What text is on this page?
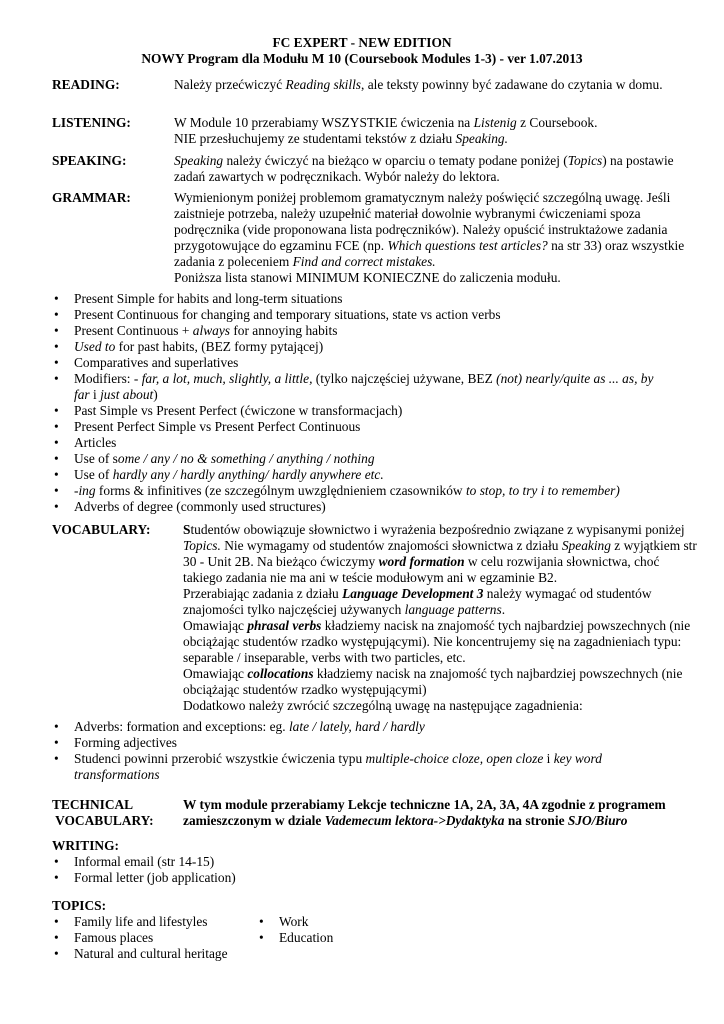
FC EXPERT - NEW EDITION
NOWY Program dla Modułu M 10 (Coursebook Modules 1-3) - ver 1.07.2013
READING:	Należy przećwiczyć Reading skills, ale teksty powinny być zadawane do czytania w domu.
LISTENING:	W Module 10 przerabiamy WSZYSTKIE ćwiczenia na Listenig z Coursebook.
NIE przesłuchujemy ze studentami tekstów z działu Speaking.
SPEAKING:	Speaking należy ćwiczyć na bieżąco w oparciu o tematy podane poniżej (Topics) na postawie zadań zawartych w podręcznikach. Wybór należy do lektora.
GRAMMAR:	Wymienionym poniżej problemom gramatycznym należy poświęcić szczególną uwagę. Jeśli zaistnieje potrzeba, należy uzupełnić materiał dowolnie wybranymi ćwiczeniami spoza podręcznika (vide proponowana lista podręczników). Należy opuścić instruktażowe zadania przygotowujące do egzaminu FCE (np. Which questions test articles? na str 33) oraz wszystkie zadania z poleceniem Find and correct mistakes.
Poniższa lista stanowi MINIMUM KONIECZNE do zaliczenia modułu.
• Present Simple for habits and long-term situations
• Present Continuous for changing and temporary situations, state vs action verbs
• Present Continuous + always for annoying habits
• Used to for past habits, (BEZ formy pytającej)
• Comparatives and superlatives
• Modifiers: - far, a lot, much, slightly, a little, (tylko najczęściej używane, BEZ (not) nearly/quite as ... as, by far i just about)
• Past Simple vs Present Perfect (ćwiczone w transformacjach)
• Present Perfect Simple vs Present Perfect Continuous
• Articles
• Use of some / any / no & something / anything / nothing
• Use of hardly any / hardly anything/ hardly anywhere etc.
• -ing forms & infinitives (ze szczególnym uwzględnieniem czasowników to stop, to try i to remember)
• Adverbs of degree (commonly used structures)
VOCABULARY: Studentów obowiązuje słownictwo i wyrażenia bezpośrednio związane z wypisanymi poniżej Topics. Nie wymagamy od studentów znajomości słownictwa z działu Speaking z wyjątkiem str 30 - Unit 2B. Na bieżąco ćwiczymy word formation w celu rozwijania słownictwa, choć takiego zadania nie ma ani w teście modułowym ani w egzaminie B2.
Przerabiając zadania z działu Language Development 3 należy wymagać od studentów znajomości tylko najczęściej używanych language patterns.
Omawiając phrasal verbs kładziemy nacisk na znajomość tych najbardziej powszechnych (nie obciążając studentów rzadko występującymi). Nie koncentrujemy się na zagadnieniach typu: separable / inseparable, verbs with two particles, etc.
Omawiając collocations kładziemy nacisk na znajomość tych najbardziej powszechnych (nie obciążając studentów rzadko występującymi)
Dodatkowo należy zwrócić szczególną uwagę na następujące zagadnienia:
• Adverbs: formation and exceptions: eg. late / lately, hard / hardly
• Forming adjectives
• Studenci powinni przerobić wszystkie ćwiczenia typu multiple-choice cloze, open cloze i key word transformations
TECHNICAL
VOCABULARY:
W tym module przerabiamy Lekcje techniczne 1A, 2A, 3A, 4A zgodnie z programem zamieszczonym w dziale Vademecum lektora->Dydaktyka na stronie SJO/Biuro
WRITING:
• Informal email (str 14-15)
• Formal letter (job application)
TOPICS:
• Family life and lifestyles
• Famous places
• Natural and cultural heritage
• Work
• Education
